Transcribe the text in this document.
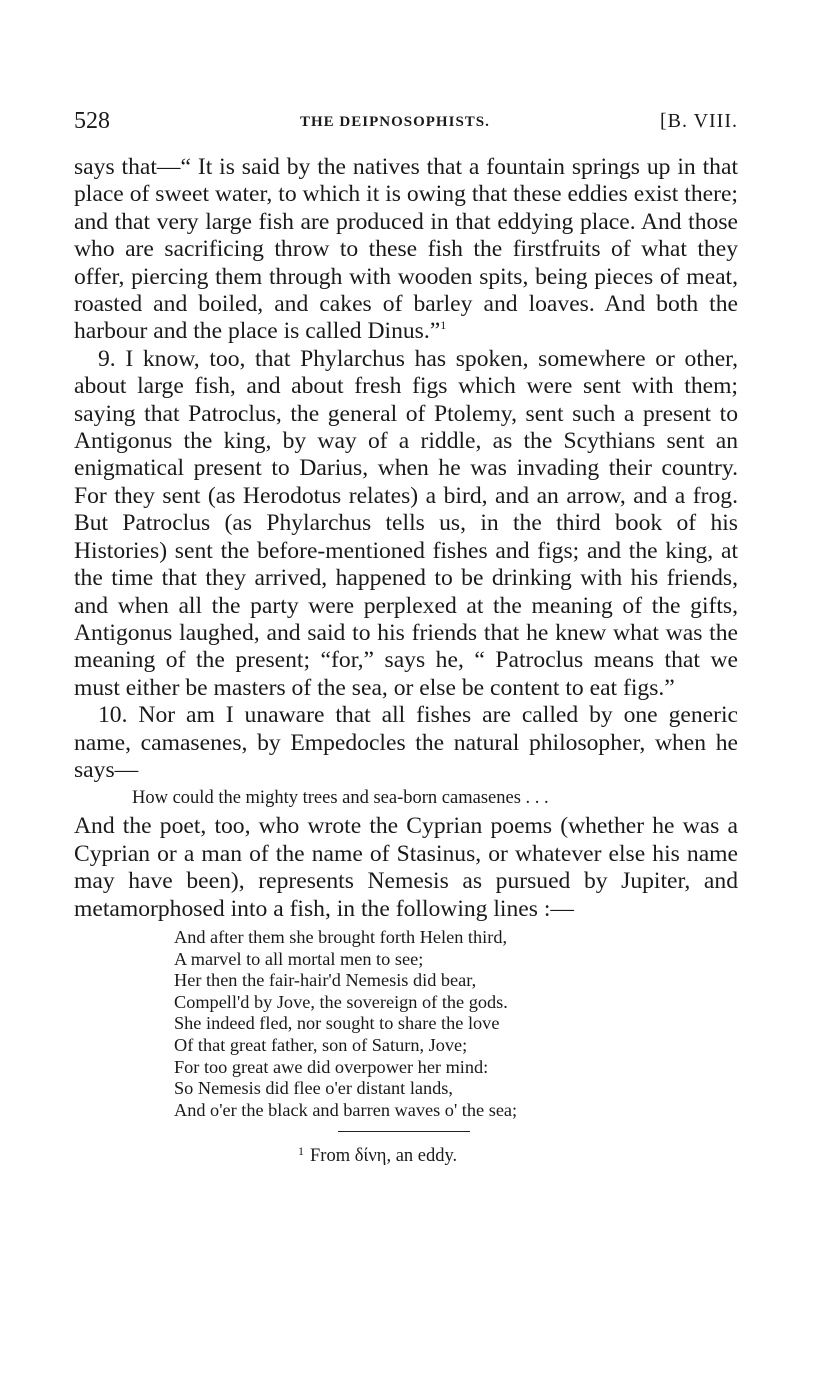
528	THE DEIPNOSOPHISTS.	[B. VIII.

says that—“ It is said by the natives that a fountain springs up in that place of sweet water, to which it is owing that these eddies exist there; and that very large fish are produced in that eddying place. And those who are sacrificing throw to these fish the firstfruits of what they offer, piercing them through with wooden spits, being pieces of meat, roasted and boiled, and cakes of barley and loaves. And both the harbour and the place is called Dinus.”$^1$

9. I know, too, that Phylarchus has spoken, somewhere or other, about large fish, and about fresh figs which were sent with them; saying that Patroclus, the general of Ptolemy, sent such a present to Antigonus the king, by way of a riddle, as the Scythians sent an enigmatical present to Darius, when he was invading their country. For they sent (as Herodotus relates) a bird, and an arrow, and a frog. But Patroclus (as Phylarchus tells us, in the third book of his Histories) sent the before-mentioned fishes and figs; and the king, at the time that they arrived, happened to be drinking with his friends, and when all the party were perplexed at the meaning of the gifts, Antigonus laughed, and said to his friends that he knew what was the meaning of the present; “for,” says he, “ Patroclus means that we must either be masters of the sea, or else be content to eat figs.”

10. Nor am I unaware that all fishes are called by one generic name, camasenes, by Empedocles the natural philosopher, when he says—

How could the mighty trees and sea-born camasenes . . .

And the poet, too, who wrote the Cyprian poems (whether he was a Cyprian or a man of the name of Stasinus, or whatever else his name may have been), represents Nemesis as pursued by Jupiter, and metamorphosed into a fish, in the following lines :—

And after them she brought forth Helen third,
A marvel to all mortal men to see;
Her then the fair-hair'd Nemesis did bear,
Compell'd by Jove, the sovereign of the gods.
She indeed fled, nor sought to share the love
Of that great father, son of Saturn, Jove;
For too great awe did overpower her mind:
So Nemesis did flee o'er distant lands,
And o'er the black and barren waves o' the sea;
$^1$ From δίνη, an eddy.
